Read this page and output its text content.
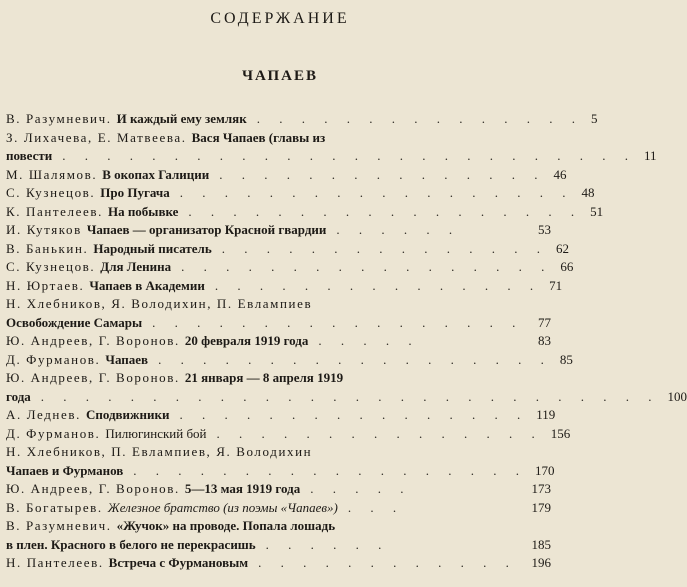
СОДЕРЖАНИЕ
ЧАПАЕВ
В. Разумневич. И каждый ему земляк . . . . . . . . . . . . . . . 5
З. Лихачева, Е. Матвеева. Вася Чапаев (главы из
повести . . . . . . . . . . . . . . . . . . . . . . . . . . 11
М. Шалямов. В окопах Галиции . . . . . . . . . . . . . . . 46
С. Кузнецов. Про Пугача . . . . . . . . . . . . . . . . . . 48
К. Пантелеев. На побывке . . . . . . . . . . . . . . . . . . 51
И. Кутяков Чапаев — организатор Красной гвардии . . . . . .	53
В. Банькин. Народный писатель . . . . . . . . . . . . . . . 62
С. Кузнецов. Для Ленина . . . . . . . . . . . . . . . . . 66
Н. Юртаев. Чапаев в Академии . . . . . . . . . . . . . . . 71
Н. Хлебников, Я. Володихин, П. Евлампиев
Освобождение Самары . . . . . . . . . . . . . . . . .	77
Ю. Андреев, Г. Воронов. 20 февраля 1919 года . . . . .	83
Д. Фурманов. Чапаев . . . . . . . . . . . . . . . . . . 85
Ю. Андреев, Г. Воронов. 21 января — 8 апреля 1919
года . . . . . . . . . . . . . . . . . . . . . . . . . . . . 100
А. Леднев. Сподвижники . . . . . . . . . . . . . . . . 119
Д. Фурманов. Пилюгинский бой . . . . . . . . . . . . . . . 156
Н. Хлебников, П. Евлампиев, Я. Володихин
Чапаев и Фурманов . . . . . . . . . . . . . . . . . . 170
Ю. Андреев, Г. Воронов. 5—13 мая 1919 года . . . . .	173
В. Богатырев. Железное братство (из поэмы «Чапаев») . . .	179
В. Разумневич. «Жучок» на проводе. Попала лошадь
в плен. Красного в белого не перекрасишь . . . . . .	185
Н. Пантелеев. Встреча с Фурмановым . . . . . . . . . . . .	196
